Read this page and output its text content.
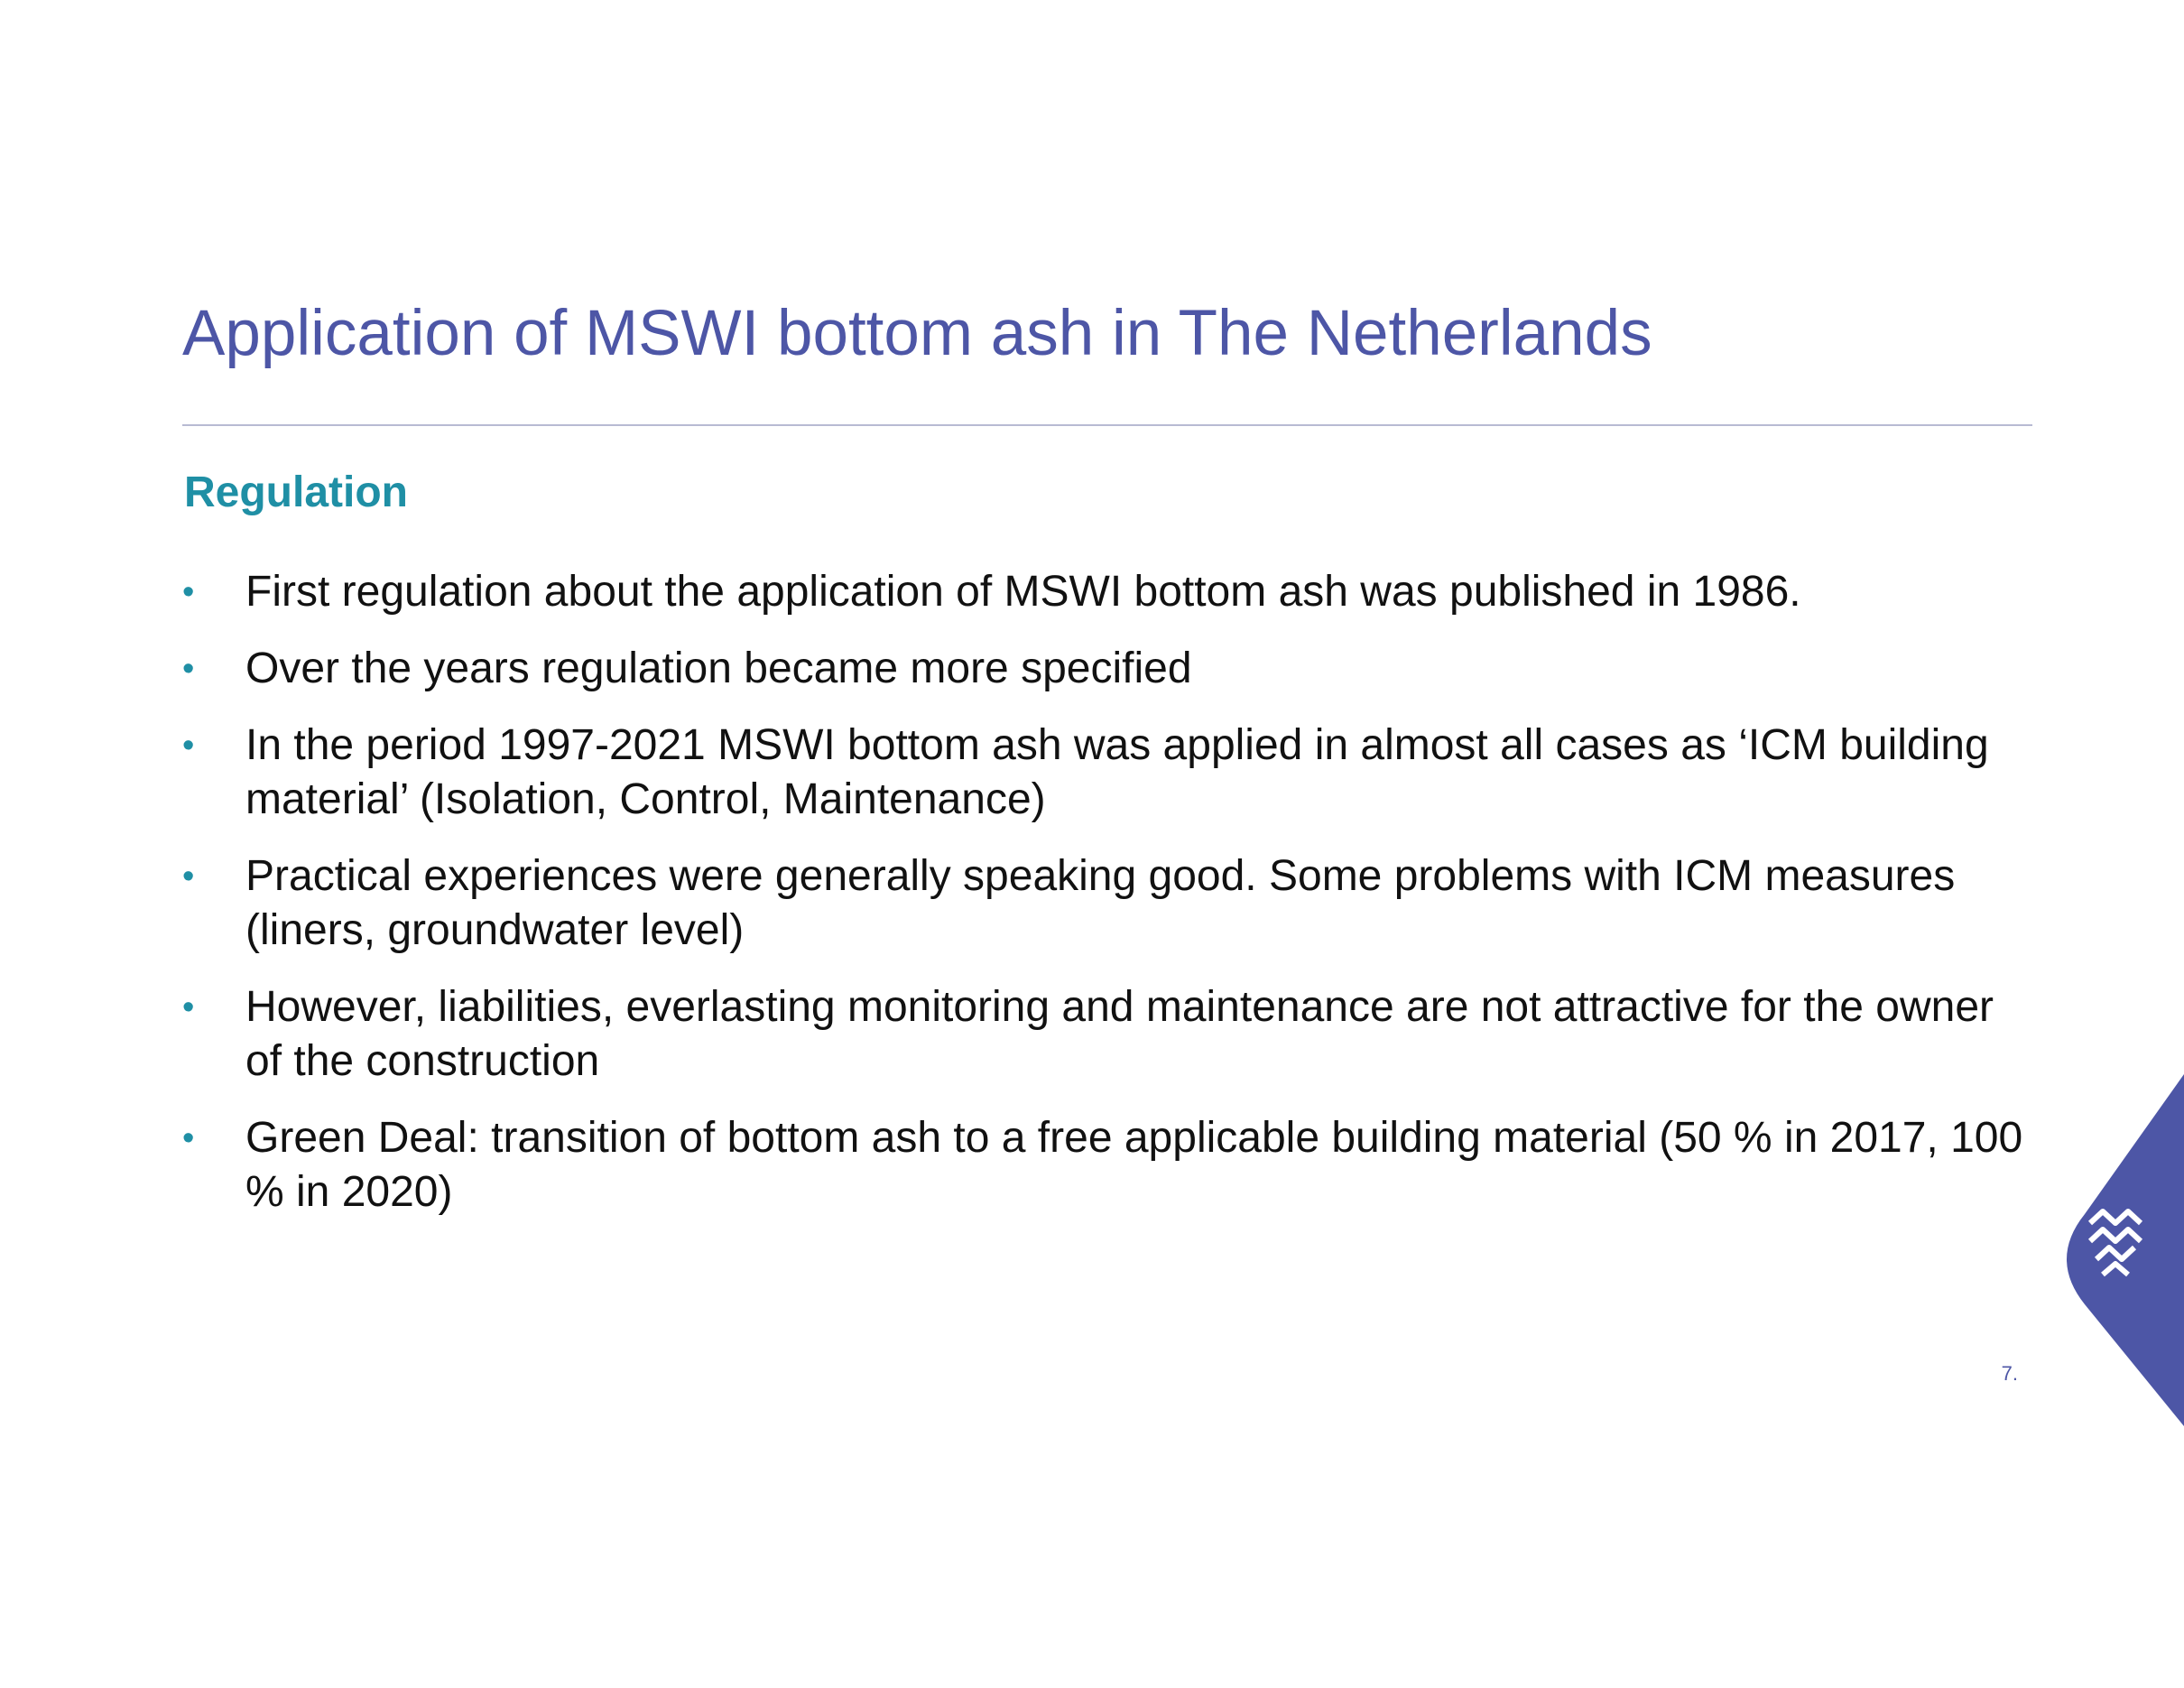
Application of MSWI bottom ash in The Netherlands
Regulation
• First regulation about the application of MSWI bottom ash was published in 1986.
• Over the years regulation became more specified
• In the period 1997-2021 MSWI bottom ash was applied in almost all cases as ‘ICM building material’ (Isolation, Control, Maintenance)
• Practical experiences were generally speaking good. Some problems with ICM measures (liners, groundwater level)
• However, liabilities, everlasting monitoring and maintenance are not attractive for the owner of the construction
• Green Deal: transition of bottom ash to a free applicable building material (50 % in 2017, 100 % in 2020)
7.
